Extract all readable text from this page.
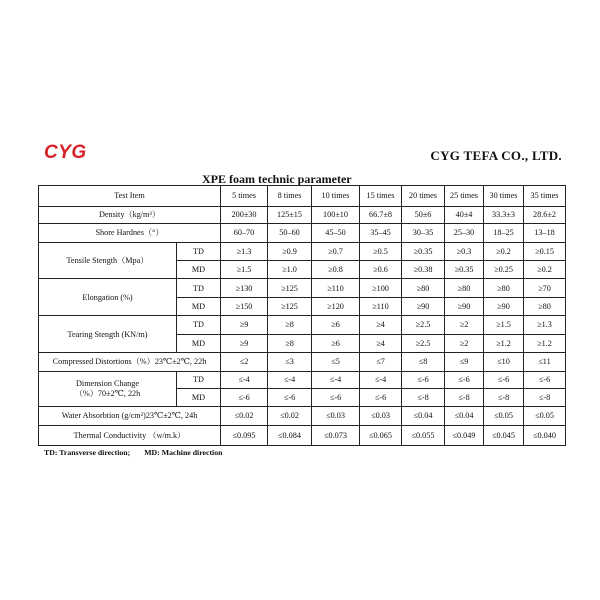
CYG	CYG TEFA CO., LTD.
XPE foam technic parameter
Test Item		5 times	8 times	10 times	15 times	20 times	25 times	30 times	35 times
Density（kg/m³）		200±30	125±15	100±10	66.7±8	50±6	40±4	33.3±3	28.6±2
Shore Hardnes（°）		60–70	50–60	45–50	35–45	30–35	25–30	18–25	13–18
Tensile Stength（Mpa）	TD	≥1.3	≥0.9	≥0.7	≥0.5	≥0.35	≥0.3	≥0.2	≥0.15
	MD	≥1.5	≥1.0	≥0.8	≥0.6	≥0.38	≥0.35	≥0.25	≥0.2
Elongation (%)	TD	≥130	≥125	≥110	≥100	≥80	≥80	≥80	≥70
	MD	≥150	≥125	≥120	≥110	≥90	≥90	≥90	≥80
Tearing Stength (KN/m)	TD	≥9	≥8	≥6	≥4	≥2.5	≥2	≥1.5	≥1.3
	MD	≥9	≥8	≥6	≥4	≥2.5	≥2	≥1.2	≥1.2
Compressed Distortions（%）23℃±2℃, 22h		≤2	≤3	≤5	≤7	≤8	≤9	≤10	≤11
Dimension Change
（%）70±2℃, 22h	TD	≤-4	≤-4	≤-4	≤-4	≤-6	≤-6	≤-6	≤-6
	MD	≤-6	≤-6	≤-6	≤-6	≤-8	≤-8	≤-8	≤-8
Water Absorbtion (g/cm²)23℃±2℃, 24h		≤0.02	≤0.02	≤0.03	≤0.03	≤0.04	≤0.04	≤0.05	≤0.05
Thermal Conductivity （w/m.k）		≤0.095	≤0.084	≤0.073	≤0.065	≤0.055	≤0.049	≤0.045	≤0.040
TD: Transverse direction; MD: Machine direction
